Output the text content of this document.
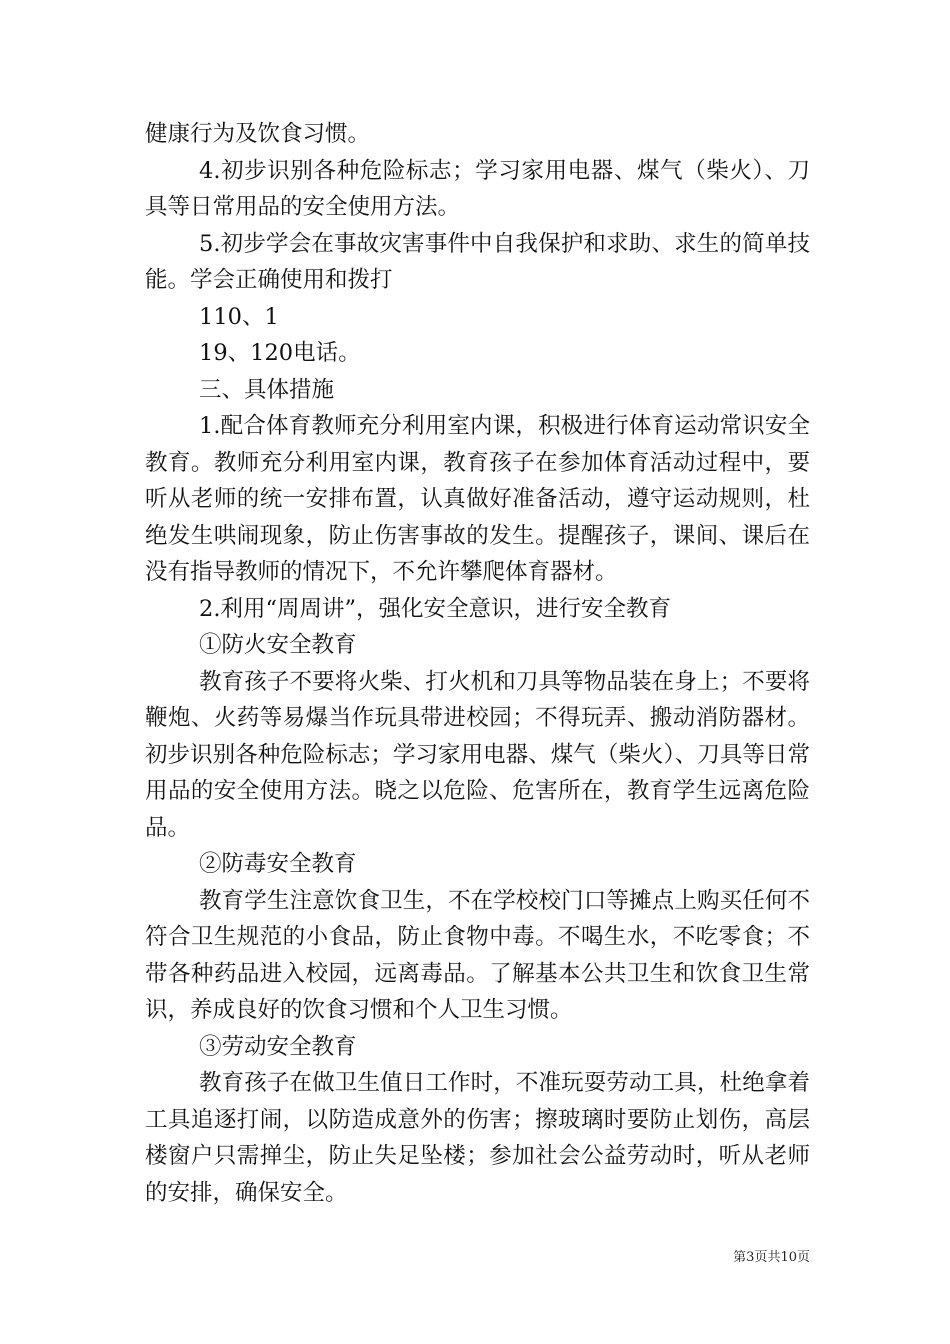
健康行为及饮食习惯。

4.初步识别各种危险标志；学习家用电器、煤气（柴火）、刀具等日常用品的安全使用方法。

5.初步学会在事故灾害事件中自我保护和求助、求生的简单技能。学会正确使用和拨打

110、1

19、120电话。

三、具体措施

1.配合体育教师充分利用室内课，积极进行体育运动常识安全教育。教师充分利用室内课，教育孩子在参加体育活动过程中，要听从老师的统一安排布置，认真做好准备活动，遵守运动规则，杜绝发生哄闹现象，防止伤害事故的发生。提醒孩子，课间、课后在没有指导教师的情况下，不允许攀爬体育器材。

2.利用“周周讲”，强化安全意识，进行安全教育

①防火安全教育

教育孩子不要将火柴、打火机和刀具等物品装在身上；不要将鞭炮、火药等易爆当作玩具带进校园；不得玩弄、搬动消防器材。初步识别各种危险标志；学习家用电器、煤气（柴火）、刀具等日常用品的安全使用方法。晓之以危险、危害所在，教育学生远离危险品。

②防毒安全教育

教育学生注意饮食卫生，不在学校校门口等摊点上购买任何不符合卫生规范的小食品，防止食物中毒。不喝生水，不吃零食；不带各种药品进入校园，远离毒品。了解基本公共卫生和饮食卫生常识，养成良好的饮食习惯和个人卫生习惯。

③劳动安全教育

教育孩子在做卫生值日工作时，不准玩耍劳动工具，杜绝拿着工具追逐打闹，以防造成意外的伤害；擦玻璃时要防止划伤，高层楼窗户只需掸尘，防止失足坠楼；参加社会公益劳动时，听从老师的安排，确保安全。

第3页共10页
